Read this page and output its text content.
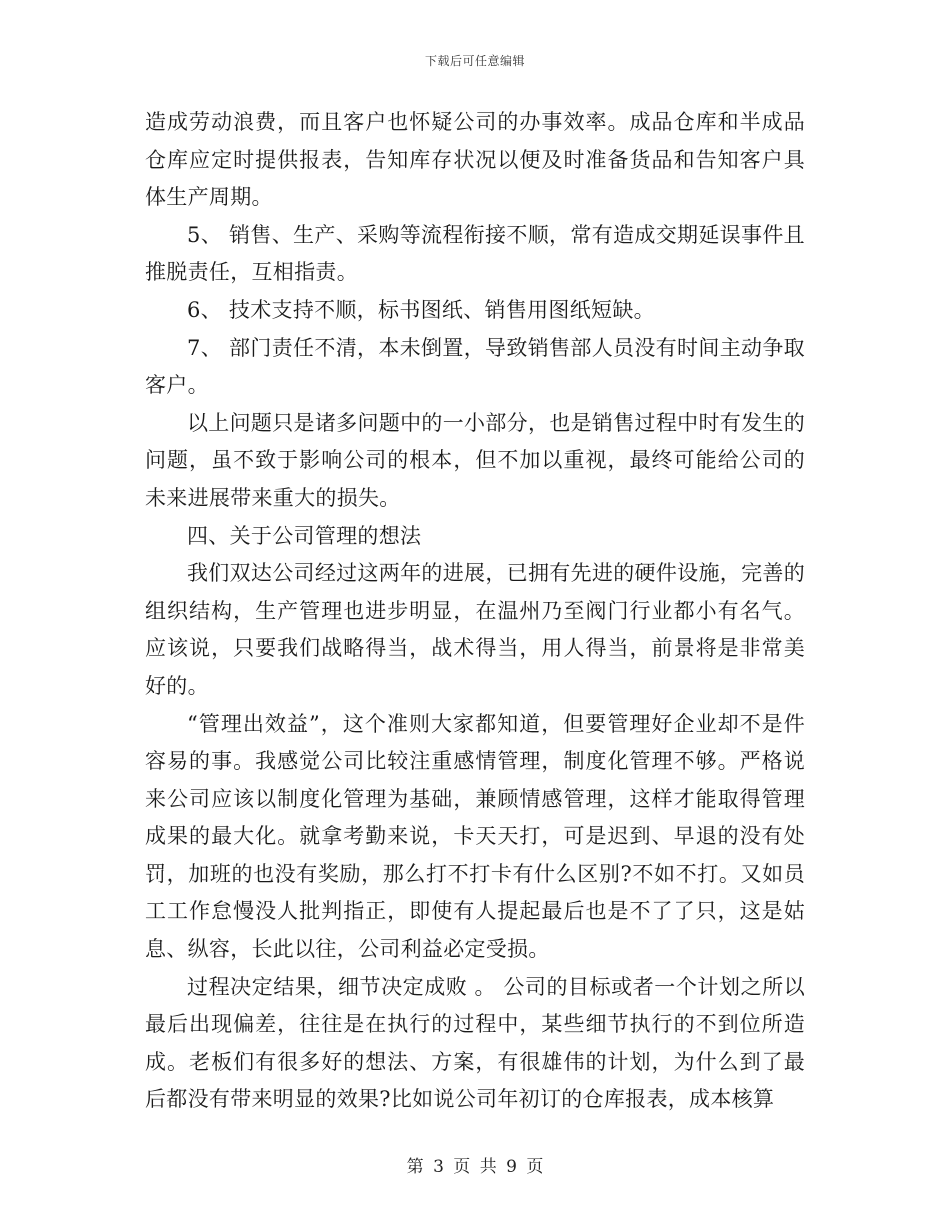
下载后可任意编辑

造成劳动浪费，而且客户也怀疑公司的办事效率。成品仓库和半成品仓库应定时提供报表，告知库存状况以便及时准备货品和告知客户具体生产周期。

5、 销售、生产、采购等流程衔接不顺，常有造成交期延误事件且推脱责任，互相指责。

6、 技术支持不顺，标书图纸、销售用图纸短缺。

7、 部门责任不清，本未倒置，导致销售部人员没有时间主动争取客户。

以上问题只是诸多问题中的一小部分，也是销售过程中时有发生的问题，虽不致于影响公司的根本，但不加以重视，最终可能给公司的未来进展带来重大的损失。

四、关于公司管理的想法

我们双达公司经过这两年的进展，已拥有先进的硬件设施，完善的组织结构，生产管理也进步明显，在温州乃至阀门行业都小有名气。应该说，只要我们战略得当，战术得当，用人得当，前景将是非常美好的。

“管理出效益”，这个准则大家都知道，但要管理好企业却不是件容易的事。我感觉公司比较注重感情管理，制度化管理不够。严格说来公司应该以制度化管理为基础，兼顾情感管理，这样才能取得管理成果的最大化。就拿考勤来说，卡天天打，可是迟到、早退的没有处罚，加班的也没有奖励，那么打不打卡有什么区别?不如不打。又如员工工作怠慢没人批判指正，即使有人提起最后也是不了了只，这是姑息、纵容，长此以往，公司利益必定受损。

过程决定结果，细节决定成败 。 公司的目标或者一个计划之所以最后出现偏差，往往是在执行的过程中，某些细节执行的不到位所造成。老板们有很多好的想法、方案，有很雄伟的计划，为什么到了最后都没有带来明显的效果?比如说公司年初订的仓库报表，成本核算

第 3 页 共 9 页
